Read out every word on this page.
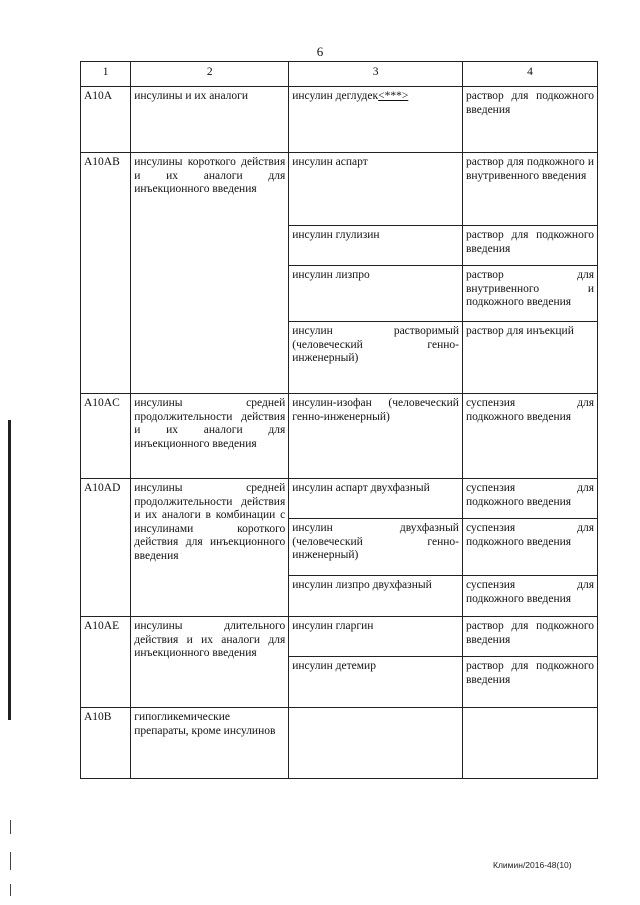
6
1	2	3	4
A10A	инсулины и их аналоги	инсулин деглудек<***>	раствор для подкожного введения
A10AB	инсулины короткого действия и их аналоги для инъекционного введения	инсулин аспарт	раствор для подкожного и внутривенного введения
		инсулин глулизин	раствор для подкожного введения
		инсулин лизпро	раствор для внутривенного и подкожного введения
		инсулин растворимый (человеческий генно-инженерный)	раствор для инъекций
A10AC	инсулины средней продолжительности действия и их аналоги для инъекционного введения	инсулин-изофан (человеческий генно-инженерный)	суспензия для подкожного введения
A10AD	инсулины средней продолжительности действия и их аналоги в комбинации с инсулинами короткого действия для инъекционного введения	инсулин аспарт двухфазный	суспензия для подкожного введения
		инсулин двухфазный (человеческий генно-инженерный)	суспензия для подкожного введения
		инсулин лизпро двухфазный	суспензия для подкожного введения
A10AE	инсулины длительного действия и их аналоги для инъекционного введения	инсулин гларгин	раствор для подкожного введения
		инсулин детемир	раствор для подкожного введения
A10B	гипогликемические препараты, кроме инсулинов		
Климин/2016-48(10)
